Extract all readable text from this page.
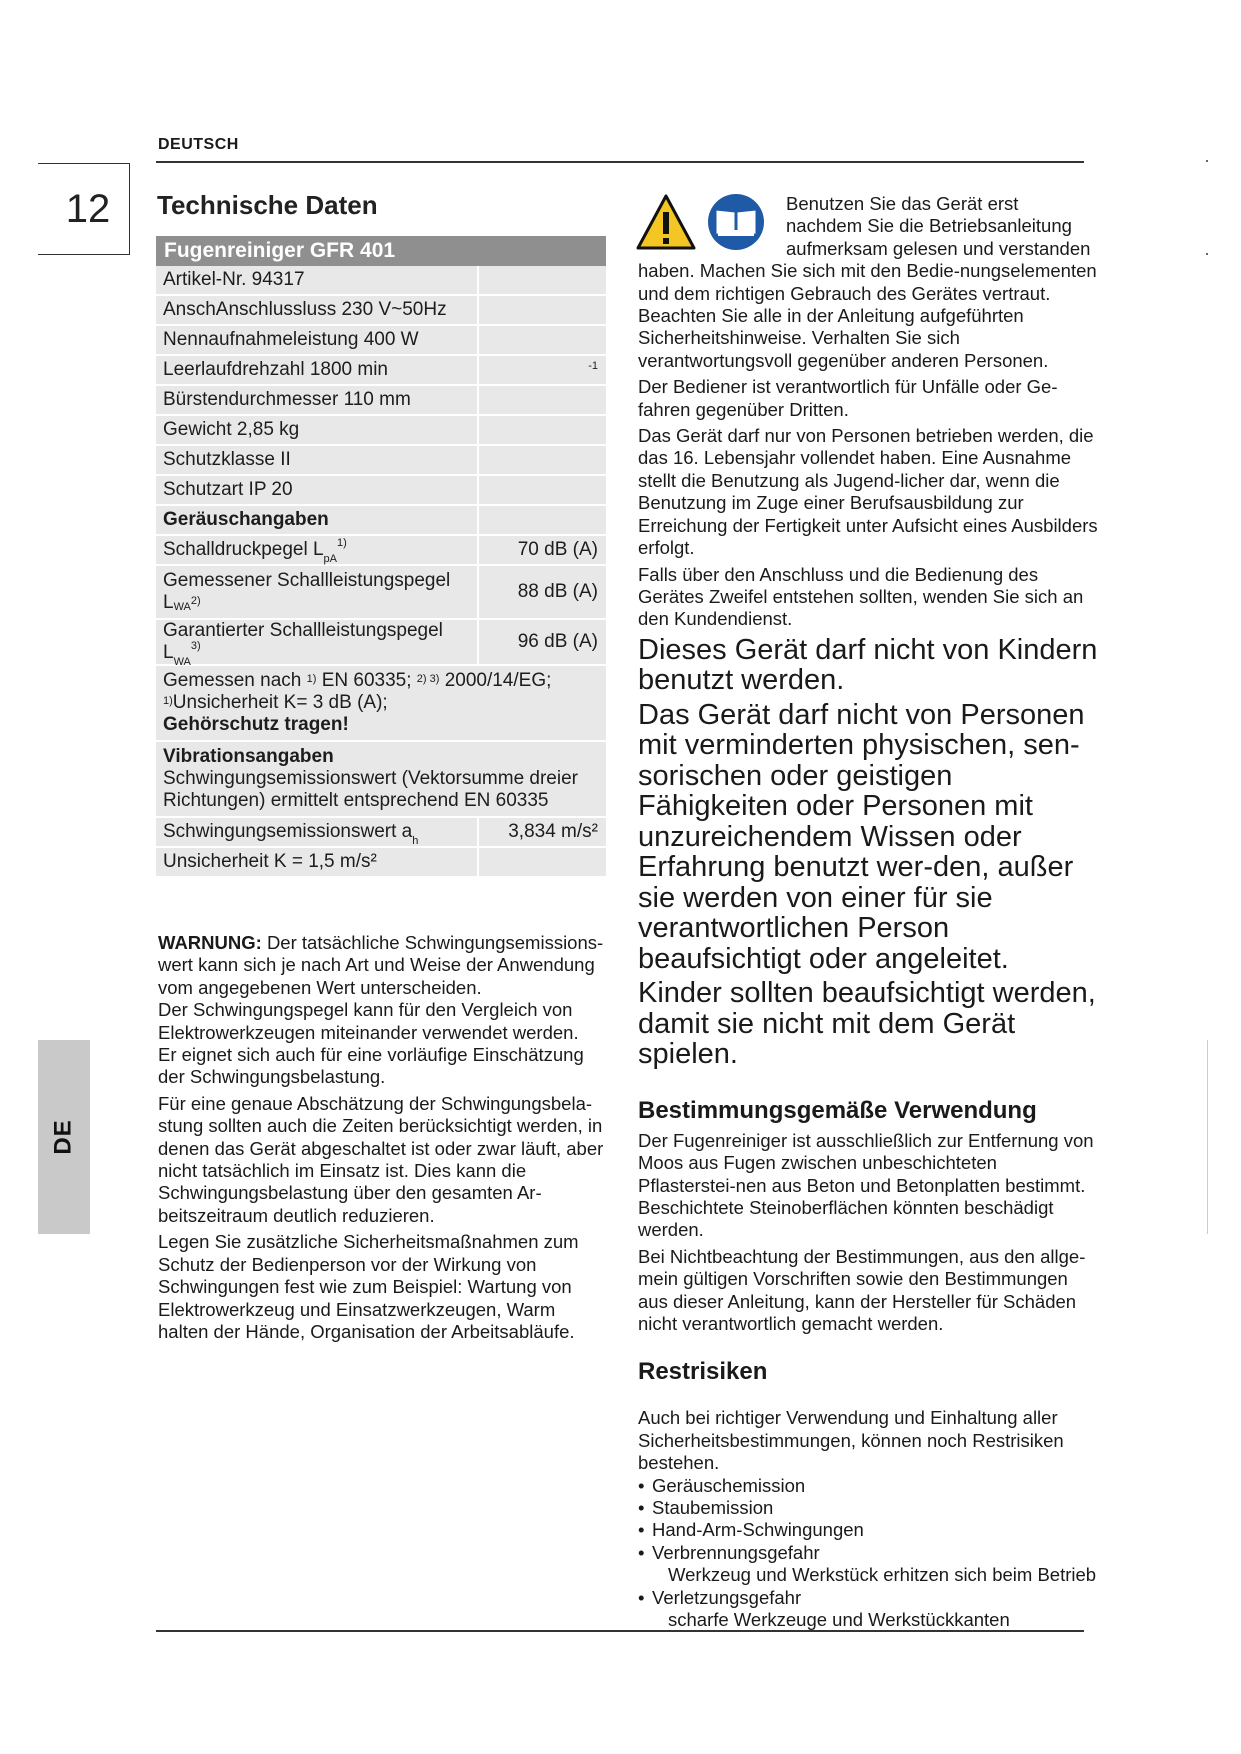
DEUTSCH
12
DE
Technische Daten
Fugenreiniger GFR 401	
Artikel-Nr. 94317	
AnschAnschlussluss 230 V~50Hz	
Nennaufnahmeleistung 400 W	
Leerlaufdrehzahl 1800 min	-1
Bürstendurchmesser 110 mm	
Gewicht 2,85 kg	
Schutzklasse II	
Schutzart IP 20	
Geräuschangaben	
Schalldruckpegel $L_{pA}^{1)}$	70 dB (A)
Gemessener Schallleistungspegel $L_{WA}^{2)}$	88 dB (A)
Garantierter Schallleistungspegel $L_{WA}^{3)}$	96 dB (A)
Gemessen nach $^{1)}$ EN 60335; $^{2) 3)}$ 2000/14/EG;
$^{1)}$Unsicherheit K= 3 dB (A);
Gehörschutz tragen!	
Vibrationsangaben
Schwingungsemissionswert (Vektorsumme dreier Richtungen) ermittelt entsprechend EN 60335	
Schwingungsemissionswert $a_h$	3,834 m/s²
Unsicherheit K = 1,5 m/s²	

WARNUNG: Der tatsächliche Schwingungsemissions-wert kann sich je nach Art und Weise der Anwendung vom angegebenen Wert unterscheiden.

Der Schwingungspegel kann für den Vergleich von Elektrowerkzeugen miteinander verwendet werden.

Er eignet sich auch für eine vorläufige Einschätzung der Schwingungsbelastung.

Für eine genaue Abschätzung der Schwingungsbela-stung sollten auch die Zeiten berücksichtigt werden, in denen das Gerät abgeschaltet ist oder zwar läuft, aber nicht tatsächlich im Einsatz ist. Dies kann die Schwingungsbelastung über den gesamten Ar-beitszeitraum deutlich reduzieren.

Legen Sie zusätzliche Sicherheitsmaßnahmen zum Schutz der Bedienperson vor der Wirkung von Schwingungen fest wie zum Beispiel: Wartung von Elektrowerkzeug und Einsatzwerkzeugen, Warm halten der Hände, Organisation der Arbeitsabläufe.

Benutzen Sie das Gerät erst nachdem Sie die Betriebsanleitung aufmerksam gelesen und verstanden haben. Machen Sie sich mit den Bedie-nungselementen und dem richtigen Gebrauch des Gerätes vertraut. Beachten Sie alle in der Anleitung aufgeführten Sicherheitshinweise. Verhalten Sie sich verantwortungsvoll gegenüber anderen Personen.

Der Bediener ist verantwortlich für Unfälle oder Ge-fahren gegenüber Dritten.

Das Gerät darf nur von Personen betrieben werden, die das 16. Lebensjahr vollendet haben. Eine Ausnahme stellt die Benutzung als Jugend-licher dar, wenn die Benutzung im Zuge einer Berufsausbildung zur Erreichung der Fertigkeit unter Aufsicht eines Ausbilders erfolgt.

Falls über den Anschluss und die Bedienung des Gerätes Zweifel entstehen sollten, wenden Sie sich an den Kundendienst.

Dieses Gerät darf nicht von Kindern benutzt werden.

Das Gerät darf nicht von Personen mit verminderten physischen, sen-sorischen oder geistigen Fähigkeiten oder Personen mit unzureichendem Wissen oder Erfahrung benutzt wer-den, außer sie werden von einer für sie verantwortlichen Person beaufsichtigt oder angeleitet.

Kinder sollten beaufsichtigt werden, damit sie nicht mit dem Gerät spielen.

Bestimmungsgemäße Verwendung

Der Fugenreiniger ist ausschließlich zur Entfernung von Moos aus Fugen zwischen unbeschichteten Pflasterstei-nen aus Beton und Betonplatten bestimmt. Beschichtete Steinoberflächen könnten beschädigt werden.

Bei Nichtbeachtung der Bestimmungen, aus den allge-mein gültigen Vorschriften sowie den Bestimmungen aus dieser Anleitung, kann der Hersteller für Schäden nicht verantwortlich gemacht werden.

Restrisiken

Auch bei richtiger Verwendung und Einhaltung aller Sicherheitsbestimmungen, können noch Restrisiken bestehen.

• Geräuschemission
• Staubemission
• Hand-Arm-Schwingungen
• Verbrennungsgefahr
Werkzeug und Werkstück erhitzen sich beim Betrieb
• Verletzungsgefahr
scharfe Werkzeuge und Werkstückkanten
